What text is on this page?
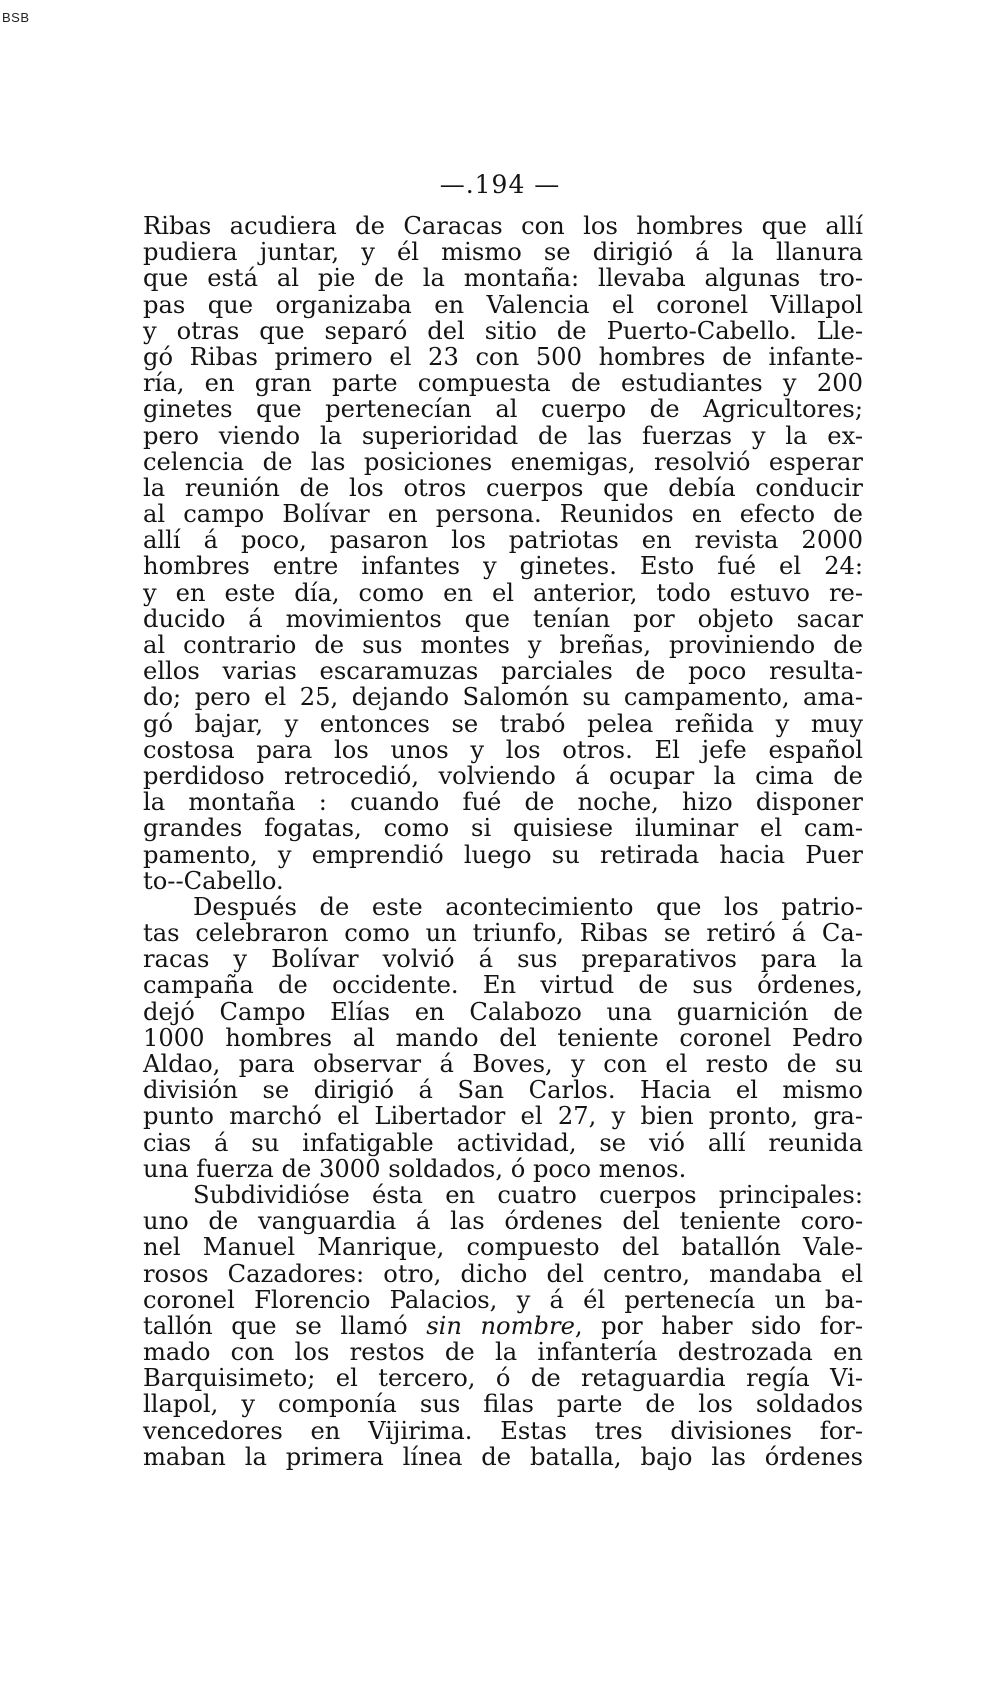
BSB
—.194 —
Ribas acudiera de Caracas con los hombres que allí
pudiera juntar, y él mismo se dirigió á la llanura
que está al pie de la montaña: llevaba algunas tro-
pas que organizaba en Valencia el coronel Villapol
y otras que separó del sitio de Puerto-Cabello. Lle-
gó Ribas primero el 23 con 500 hombres de infante-
ría, en gran parte compuesta de estudiantes y 200
ginetes que pertenecían al cuerpo de Agricultores;
pero viendo la superioridad de las fuerzas y la ex-
celencia de las posiciones enemigas, resolvió esperar
la reunión de los otros cuerpos que debía conducir
al campo Bolívar en persona. Reunidos en efecto de
allí á poco, pasaron los patriotas en revista 2000
hombres entre infantes y ginetes. Esto fué el 24:
y en este día, como en el anterior, todo estuvo re-
ducido á movimientos que tenían por objeto sacar
al contrario de sus montes y breñas, proviniendo de
ellos varias escaramuzas parciales de poco resulta-
do; pero el 25, dejando Salomón su campamento, ama-
gó bajar, y entonces se trabó pelea reñida y muy
costosa para los unos y los otros. El jefe español
perdidoso retrocedió, volviendo á ocupar la cima de
la montaña : cuando fué de noche, hizo disponer
grandes fogatas, como si quisiese iluminar el cam-
pamento, y emprendió luego su retirada hacia Puer
to--Cabello.
Después de este acontecimiento que los patrio-
tas celebraron como un triunfo, Ribas se retiró á Ca-
racas y Bolívar volvió á sus preparativos para la
campaña de occidente. En virtud de sus órdenes,
dejó Campo Elías en Calabozo una guarnición de
1000 hombres al mando del teniente coronel Pedro
Aldao, para observar á Boves, y con el resto de su
división se dirigió á San Carlos. Hacia el mismo
punto marchó el Libertador el 27, y bien pronto, gra-
cias á su infatigable actividad, se vió allí reunida
una fuerza de 3000 soldados, ó poco menos.
Subdividióse ésta en cuatro cuerpos principales:
uno de vanguardia á las órdenes del teniente coro-
nel Manuel Manrique, compuesto del batallón Vale-
rosos Cazadores: otro, dicho del centro, mandaba el
coronel Florencio Palacios, y á él pertenecía un ba-
tallón que se llamó sin nombre, por haber sido for-
mado con los restos de la infantería destrozada en
Barquisimeto; el tercero, ó de retaguardia regía Vi-
llapol, y componía sus filas parte de los soldados
vencedores en Vijirima. Estas tres divisiones for-
maban la primera línea de batalla, bajo las órdenes
